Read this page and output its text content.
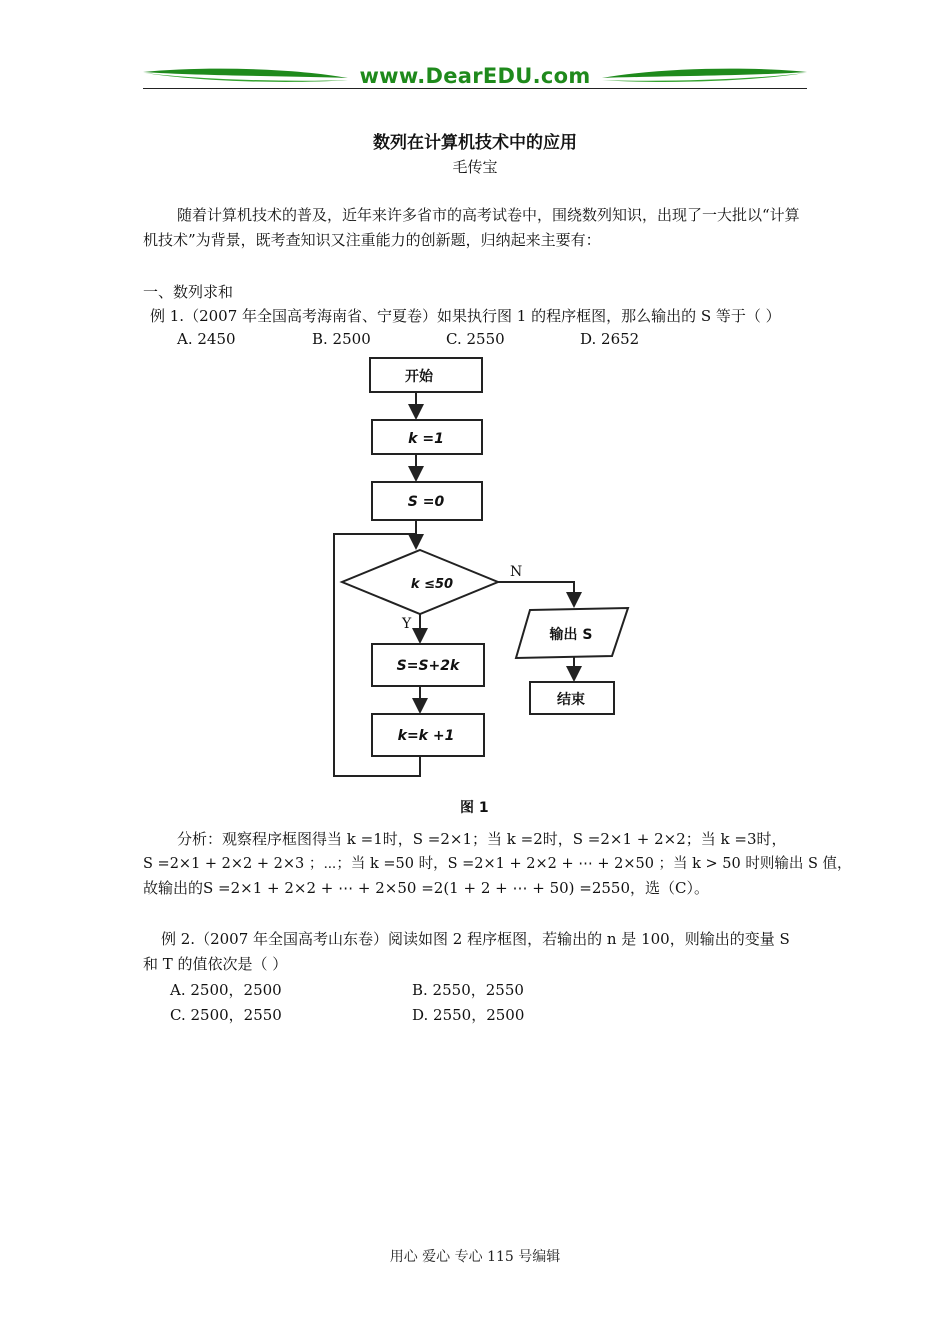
www.DearEDU.com
数列在计算机技术中的应用
毛传宝
随着计算机技术的普及，近年来许多省市的高考试卷中，围绕数列知识，出现了一大批以“计算机技术”为背景，既考查知识又注重能力的创新题，归纳起来主要有：
一、数列求和
例 1.（2007 年全国高考海南省、宁夏卷）如果执行图 1 的程序框图，那么输出的 S 等于（ ）
A. 2450	B. 2500	C. 2550	D. 2652
开始
k =1
S =0
k ≤50
S=S+2k
k=k +1
输出 S
结束
Y
N
图 1
分析：观察程序框图得当 k =1时，S =2×1；当 k =2时，S =2×1 + 2×2；当 k =3时，
S =2×1 + 2×2 + 2×3 ；⋯；当 k =50 时，S =2×1 + 2×2 + ⋯ + 2×50 ；当 k > 50 时则输出 S 值，
故输出的S =2×1 + 2×2 + ⋯ + 2×50 =2(1 + 2 + ⋯ + 50) =2550，选（C）。
例 2.（2007 年全国高考山东卷）阅读如图 2 程序框图，若输出的 n 是 100，则输出的变量 S 和 T 的值依次是（ ）
A. 2500，2500	B. 2550，2550
C. 2500，2550	D. 2550，2500
用心 爱心 专心 115 号编辑
